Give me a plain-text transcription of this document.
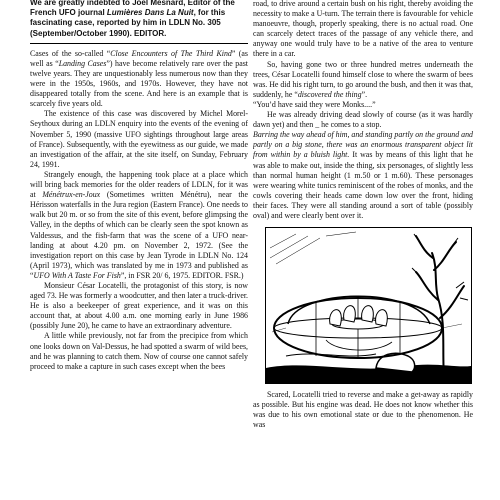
We are greatly indebted to Joël Mesnard, Editor of the French UFO journal Lumières Dans La Nuit, for this fascinating case, reported by him in LDLN No. 305 (September/October 1990). EDITOR.

Cases of the so-called “Close Encounters of The Third Kind” (as well as “Landing Cases”) have become relatively rare over the past twelve years. They are unquestionably less numerous now than they were in the 1950s, 1960s, and 1970s. However, they have not disappeared totally from the scene. And here is an example that is scarcely five years old.

The existence of this case was discovered by Michel Morel-Seythoux during an LDLN enquiry into the events of the evening of November 5, 1990 (massive UFO sightings throughout large areas of France). Subsequently, with the eyewitness as our guide, we made an investigation of the affair, at the site itself, on Sunday, February 24, 1991.

Strangely enough, the happening took place at a place which will bring back memories for the older readers of LDLN, for it was at Ménétrux-en-Joux (Sometimes written Ménétru), near the Hérisson waterfalls in the Jura region (Eastern France). One needs to walk but 20 m. or so from the site of this event, before glimpsing the Valley, in the depths of which can be clearly seen the spot known as Valdessus, and the fish-farm that was the scene of a UFO near-landing at about 4.20 pm. on November 2, 1972. (See the investigation report on this case by Jean Tyrode in LDLN No. 124 (April 1973), which was translated by me in 1973 and published as “UFO With A Taste For Fish”, in FSR 20/ 6, 1975. EDITOR. FSR.)

Monsieur César Locatelli, the protagonist of this story, is now aged 73. He was formerly a woodcutter, and then later a truck-driver. He is also a beekeeper of great experience, and it was on this account that, at about 4.00 a.m. one morning early in June 1986 (possibly June 20), he came to have an extraordinary adventure.

A little while previously, not far from the precipice from which one looks down on Val-Dessus, he had spotted a swarm of wild bees, and he was planning to catch them. Now of course one cannot safely proceed to make a capture in such cases except when the bees

road, to drive around a certain bush on his right, thereby avoiding the necessity to make a U-turn. The terrain there is favourable for vehicle manoeuvre, though, properly speaking, there is no actual road. One can scarcely detect traces of the passage of any vehicle there, and anyway one would truly have to be a native of the area to venture there in a car.

So, having gone two or three hundred metres underneath the trees, César Locatelli found himself close to where the swarm of bees was. He did his right turn, to go around the bush, and then it was that, suddenly, he “discovered the thing”.

“You’d have said they were Monks....”

He was already driving dead slowly of course (as it was hardly dawn yet) and then _ he comes to a stop.

Barring the way ahead of him, and standing partly on the ground and partly on a big stone, there was an enormous transparent object lit from within by a bluish light. It was by means of this light that he was able to make out, inside the thing, six personages, of slightly less than normal human height (1 m.50 or 1 m.60). These personages were wearing white tunics reminiscent of the robes of monks, and the cowls covering their heads came down low over the front, hiding their faces. They were all standing around a sort of table (possibly oval) and were clearly bent over it.

Scared, Locatelli tried to reverse and make a get-away as rapidly as possible. But his engine was dead. He does not know whether this was due to his own emotional state or due to the phenomenon. He was
